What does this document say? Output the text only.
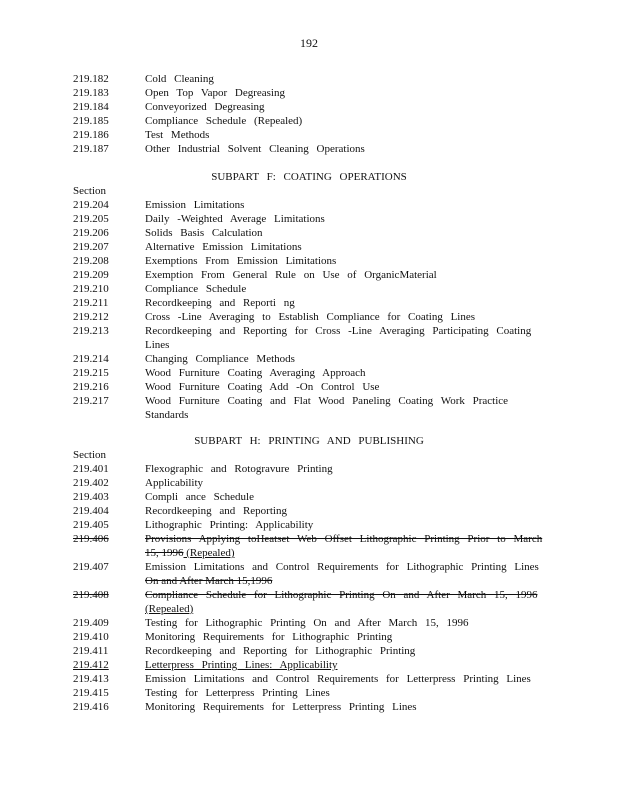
192
219.182	Cold Cleaning
219.183	Open Top Vapor Degreasing
219.184	Conveyorized Degreasing
219.185	Compliance Schedule (Repealed)
219.186	Test Methods
219.187	Other Industrial Solvent Cleaning Operations
SUBPART F: COATING OPERATIONS
Section
219.204	Emission Limitations
219.205	Daily -Weighted Average Limitations
219.206	Solids Basis Calculation
219.207	Alternative Emission Limitations
219.208	Exemptions From Emission Limitations
219.209	Exemption From General Rule on Use of OrganicMaterial
219.210	Compliance Schedule
219.211	Recordkeeping and Reporti ng
219.212	Cross -Line Averaging to Establish Compliance for Coating Lines
219.213	Recordkeeping and Reporting for Cross -Line Averaging Participating Coating
Lines
219.214	Changing Compliance Methods
219.215	Wood Furniture Coating Averaging Approach
219.216	Wood Furniture Coating Add -On Control Use
219.217	Wood Furniture Coating and Flat Wood Paneling Coating Work Practice
Standards
SUBPART H: PRINTING AND PUBLISHING
Section
219.401	Flexographic and Rotogravure Printing
219.402	Applicability
219.403	Compli ance Schedule
219.404	Recordkeeping and Reporting
219.405	Lithographic Printing: Applicability
219.406	Provisions Applying toHeatset Web Offset Lithographic Printing Prior to March
15, 1996 (Repealed)
219.407	Emission Limitations and Control Requirements for Lithographic Printing Lines
On and After March 15,1996
219.408	Compliance Schedule for Lithographic Printing On and After March 15, 1996
(Repealed)
219.409	Testing for Lithographic Printing On and After March 15, 1996
219.410	Monitoring Requirements for Lithographic Printing
219.411	Recordkeeping and Reporting for Lithographic Printing
219.412	Letterpress Printing Lines: Applicability
219.413	Emission Limitations and Control Requirements for Letterpress Printing Lines
219.415	Testing for Letterpress Printing Lines
219.416	Monitoring Requirements for Letterpress Printing Lines
